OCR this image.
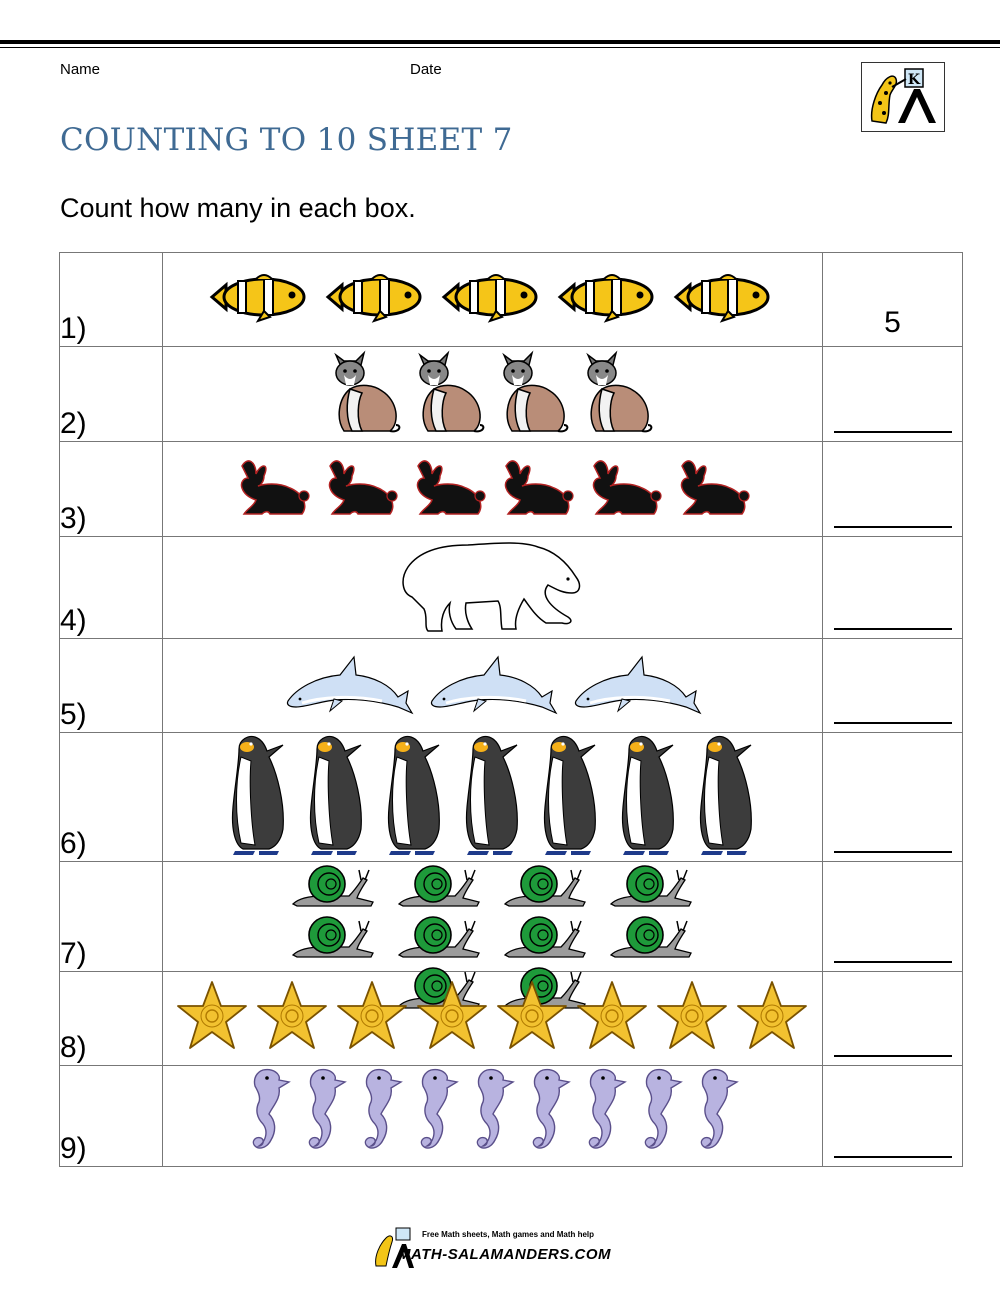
Name	Date
K
COUNTING TO 10 SHEET 7
Count how many in each box.
1)		5

2)	

3)	

4)	

5)	

6)	

7)	

8)	

9)	

Free Math sheets, Math games and Math help
MATH-SALAMANDERS.COM
